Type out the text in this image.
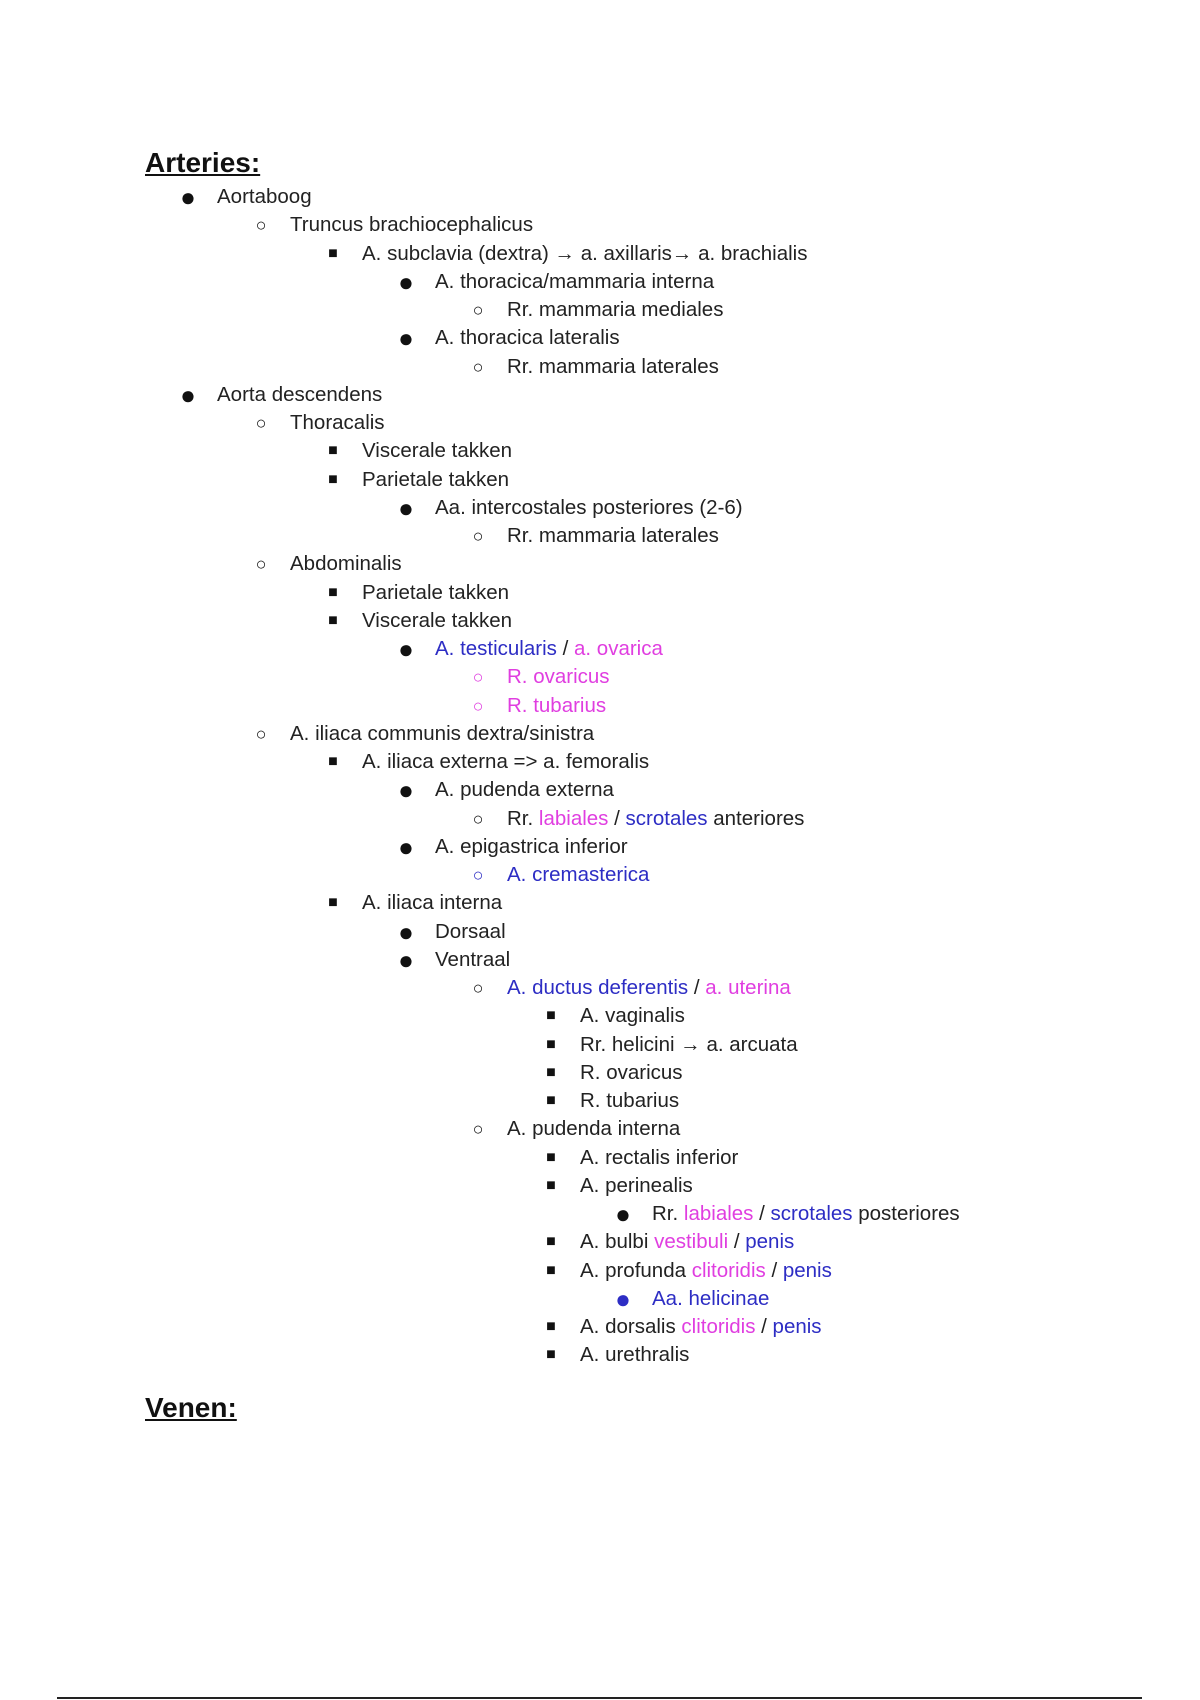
Arteries:
● Aortaboog
○ Truncus brachiocephalicus
■ A. subclavia (dextra) → a. axillaris→ a. brachialis
● A. thoracica/mammaria interna
○ Rr. mammaria mediales
● A. thoracica lateralis
○ Rr. mammaria laterales
● Aorta descendens
○ Thoracalis
■ Viscerale takken
■ Parietale takken
● Aa. intercostales posteriores (2-6)
○ Rr. mammaria laterales
○ Abdominalis
■ Parietale takken
■ Viscerale takken
● A. testicularis / a. ovarica
○ R. ovaricus
○ R. tubarius
○ A. iliaca communis dextra/sinistra
■ A. iliaca externa => a. femoralis
● A. pudenda externa
○ Rr. labiales / scrotales anteriores
● A. epigastrica inferior
○ A. cremasterica
■ A. iliaca interna
● Dorsaal
● Ventraal
○ A. ductus deferentis / a. uterina
■ A. vaginalis
■ Rr. helicini → a. arcuata
■ R. ovaricus
■ R. tubarius
○ A. pudenda interna
■ A. rectalis inferior
■ A. perinealis
● Rr. labiales / scrotales posteriores
■ A. bulbi vestibuli / penis
■ A. profunda clitoridis / penis
● Aa. helicinae
■ A. dorsalis clitoridis / penis
■ A. urethralis
Venen:
